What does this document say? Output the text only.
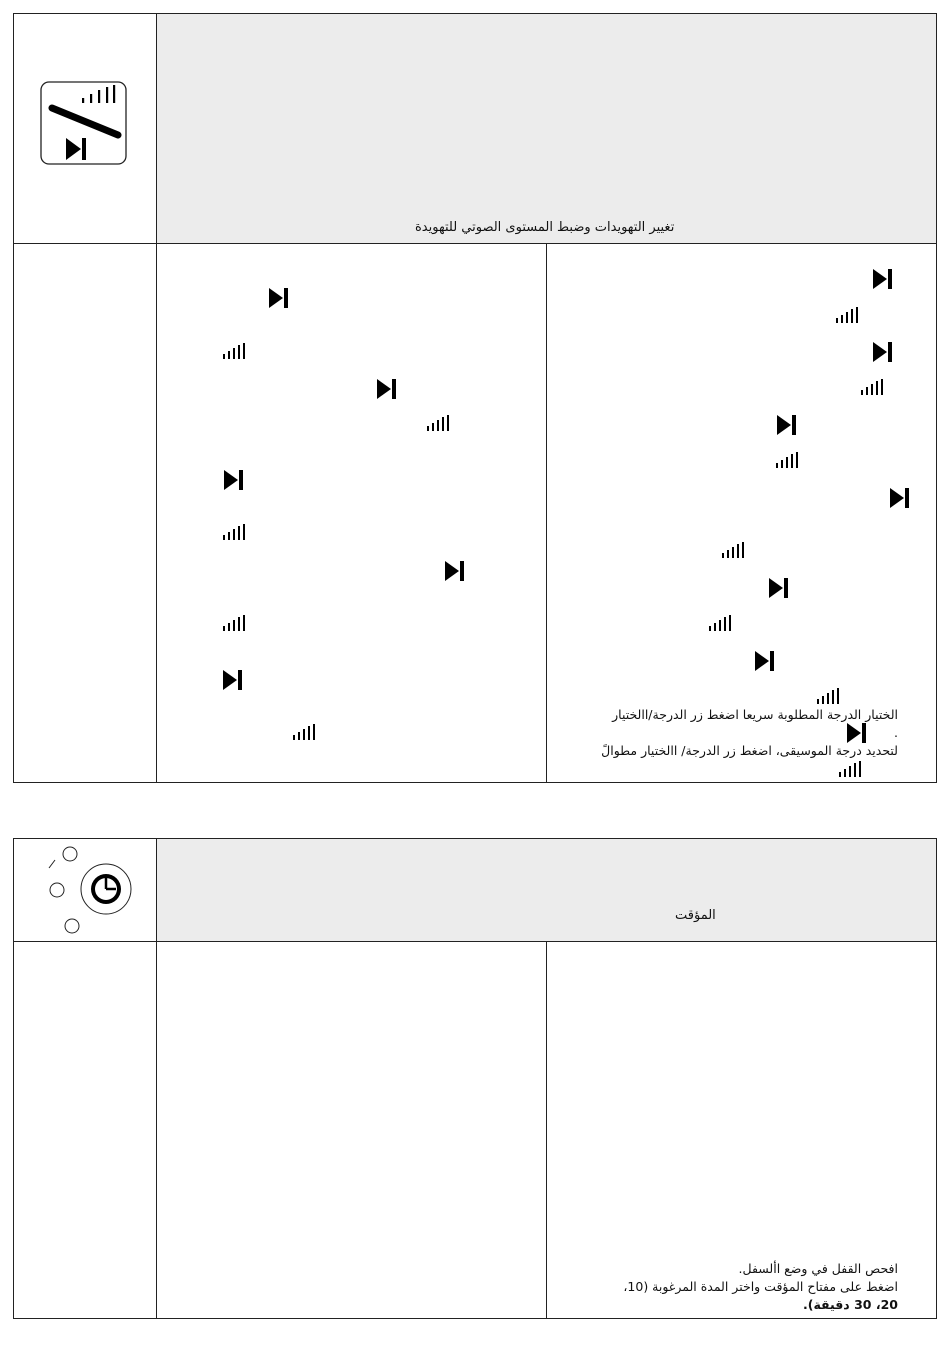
تغيير التهويدات وضبط المستوى الصوتي للتهويدة
الختيار الدرجة المطلوبة سريعا اضغط زر الدرجة/االختيار
.
لتحديد درجة الموسيقى، اضغط زر الدرجة/ االختيار مطوالً
المؤقت
افحص القفل في وضع األسفل.
اضغط على مفتاح المؤقت واختر المدة المرغوبة (10،
20، 30 دقيقة).
